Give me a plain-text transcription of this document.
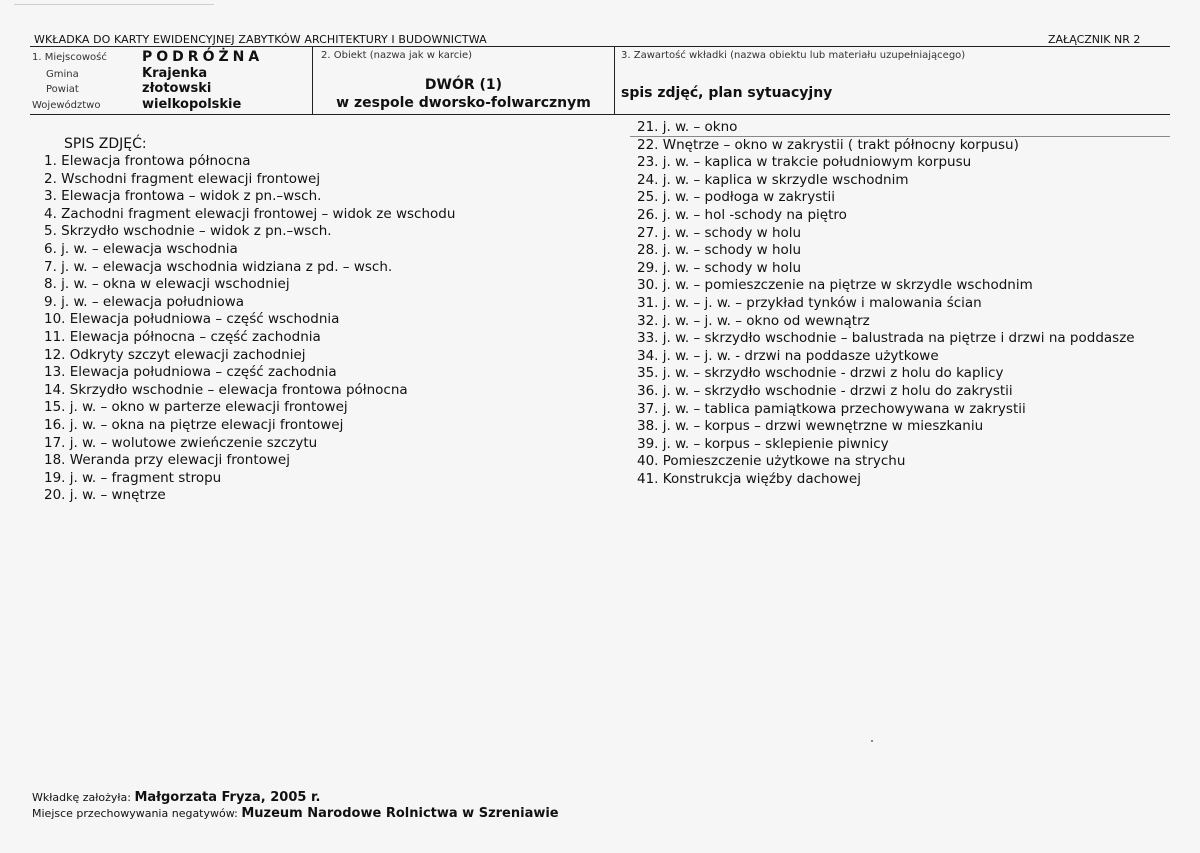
WKŁADKA DO KARTY EWIDENCYJNEJ ZABYTKÓW ARCHITEKTURY I BUDOWNICTWA	ZAŁĄCZNIK NR 2
1. Miejscowość	PODRÓŻNA
Gmina	Krajenka
Powiat	złotowski
Województwo	wielkopolskie
2. Obiekt (nazwa jak w karcie)
DWÓR (1)
w zespole dworsko-folwarcznym
3. Zawartość wkładki (nazwa obiektu lub materiału uzupełniającego)
spis zdjęć, plan sytuacyjny
SPIS ZDJĘĆ:
1. Elewacja frontowa północna
2. Wschodni fragment elewacji frontowej
3. Elewacja frontowa – widok z pn.–wsch.
4. Zachodni fragment elewacji frontowej – widok ze wschodu
5. Skrzydło wschodnie – widok z pn.–wsch.
6. j. w. – elewacja wschodnia
7. j. w. – elewacja wschodnia widziana z pd. – wsch.
8. j. w. – okna w elewacji wschodniej
9. j. w. – elewacja południowa
10. Elewacja południowa – część wschodnia
11. Elewacja północna – część zachodnia
12. Odkryty szczyt elewacji zachodniej
13. Elewacja południowa – część zachodnia
14. Skrzydło wschodnie – elewacja frontowa północna
15. j. w. – okno w parterze elewacji frontowej
16. j. w. – okna na piętrze elewacji frontowej
17. j. w. – wolutowe zwieńczenie szczytu
18. Weranda przy elewacji frontowej
19. j. w. – fragment stropu
20. j. w. – wnętrze
21. j. w. – okno
22. Wnętrze – okno w zakrystii ( trakt północny korpusu)
23. j. w. – kaplica w trakcie południowym korpusu
24. j. w. – kaplica w skrzydle wschodnim
25. j. w. – podłoga w zakrystii
26. j. w. – hol -schody na piętro
27. j. w. – schody w holu
28. j. w. – schody w holu
29. j. w. – schody w holu
30. j. w. – pomieszczenie na piętrze w skrzydle wschodnim
31. j. w. – j. w. – przykład tynków i malowania ścian
32. j. w. – j. w. – okno od wewnątrz
33. j. w. – skrzydło wschodnie – balustrada na piętrze i drzwi na poddasze
34. j. w. – j. w. - drzwi na poddasze użytkowe
35. j. w. – skrzydło wschodnie - drzwi z holu do kaplicy
36. j. w. – skrzydło wschodnie - drzwi z holu do zakrystii
37. j. w. – tablica pamiątkowa przechowywana w zakrystii
38. j. w. – korpus – drzwi wewnętrzne w mieszkaniu
39. j. w. – korpus – sklepienie piwnicy
40. Pomieszczenie użytkowe na strychu
41. Konstrukcja więźby dachowej
Wkładkę założyła: Małgorzata Fryza, 2005 r.
Miejsce przechowywania negatywów: Muzeum Narodowe Rolnictwa w Szreniawie
